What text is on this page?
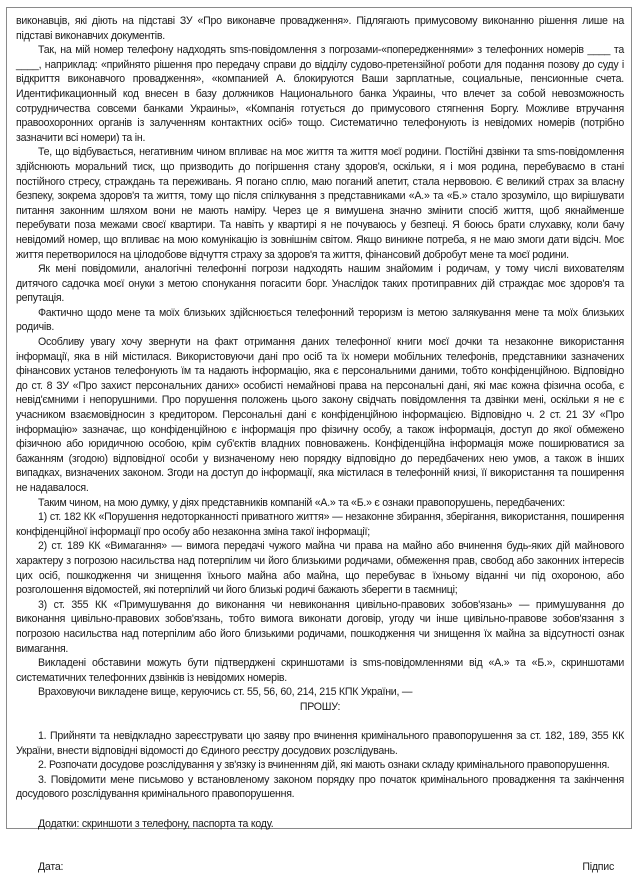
виконавців, які діють на підставі ЗУ «Про виконавче провадження». Підлягають примусовому виконанню рішення лише на підставі виконавчих документів.

Так, на мій номер телефону надходять sms-повідомлення з погрозами-«попередженнями» з телефонних номерів ____ та ____, наприклад: «прийнято рішення про передачу справи до відділу судово-претензійної роботи для подання позову до суду і відкриття виконавчого провадження», «компанией А. блокируются Ваши зарплатные, социальные, пенсионные счета. Идентификационный код внесен в базу должников Национального банка Украины, что влечет за собой невозможность сотрудничества совсеми банками Украины», «Компанія готується до примусового стягнення Боргу. Можливе втручання правоохоронних органів із залученням контактних осіб» тощо. Систематично телефонують із невідомих номерів (потрібно зазначити всі номери) та ін.

Те, що відбувається, негативним чином впливає на моє життя та життя моєї родини. Постійні дзвінки та sms-повідомлення здійснюють моральний тиск, що призводить до погіршення стану здоров'я, оскільки, я і моя родина, перебуваємо в стані постійного стресу, страждань та переживань. Я погано сплю, маю поганий апетит, стала нервовою. Є великий страх за власну безпеку, зокрема здоров'я та життя, тому що після спілкування з представниками «А.» та «Б.» стало зрозуміло, що вирішувати питання законним шляхом вони не мають наміру. Через це я вимушена значно змінити спосіб життя, щоб якнайменше перебувати поза межами своєї квартири. Та навіть у квартирі я не почуваюсь у безпеці. Я боюсь брати слухавку, коли бачу невідомий номер, що впливає на мою комунікацію із зовнішнім світом. Якщо виникне потреба, я не маю змоги дати відсіч. Моє життя перетворилося на цілодобове відчуття страху за здоров'я та життя, фінансовий добробут мене та моєї родини.

Як мені повідомили, аналогічні телефонні погрози надходять нашим знайомим і родичам, у тому числі вихователям дитячого садочка моєї онуки з метою спонукання погасити борг. Унаслідок таких протиправних дій страждає моє здоров'я та репутація.

Фактично щодо мене та моїх близьких здійснюється телефонний тероризм із метою залякування мене та моїх близьких родичів.

Особливу увагу хочу звернути на факт отримання даних телефонної книги моєї дочки та незаконне використання інформації, яка в ній містилася. Використовуючи дані про осіб та їх номери мобільних телефонів, представники зазначених фінансових установ телефонують їм та надають інформацію, яка є персональними даними, тобто конфіденційною. Відповідно до ст. 8 ЗУ «Про захист персональних даних» особисті немайнові права на персональні дані, які має кожна фізична особа, є невід'ємними і непорушними. Про порушення положень цього закону свідчать повідомлення та дзвінки мені, оскільки я не є учасником взаємовідносин з кредитором. Персональні дані є конфіденційною інформацією. Відповідно ч. 2 ст. 21 ЗУ «Про інформацію» зазначає, що конфіденційною є інформація про фізичну особу, а також інформація, доступ до якої обмежено фізичною або юридичною особою, крім суб'єктів владних повноважень. Конфіденційна інформація може поширюватися за бажанням (згодою) відповідної особи у визначеному нею порядку відповідно до передбачених нею умов, а також в інших випадках, визначених законом. Згоди на доступ до інформації, яка містилася в телефонній книзі, її використання та поширення не надавалося.

Таким чином, на мою думку, у діях представників компаній «А.» та «Б.» є ознаки правопорушень, передбачених:

1) ст. 182 КК «Порушення недоторканності приватного життя» — незаконне збирання, зберігання, використання, поширення конфіденційної інформації про особу або незаконна зміна такої інформації;

2) ст. 189 КК «Вимагання» — вимога передачі чужого майна чи права на майно або вчинення будь-яких дій майнового характеру з погрозою насильства над потерпілим чи його близькими родичами, обмеження прав, свобод або законних інтересів цих осіб, пошкодження чи знищення їхнього майна або майна, що перебуває в їхньому віданні чи під охороною, або розголошення відомостей, які потерпілий чи його близькі родичі бажають зберегти в таємниці;

3) ст. 355 КК «Примушування до виконання чи невиконання цивільно-правових зобов'язань» — примушування до виконання цивільно-правових зобов'язань, тобто вимога виконати договір, угоду чи інше цивільно-правове зобов'язання з погрозою насильства над потерпілим або його близькими родичами, пошкодження чи знищення їх майна за відсутності ознак вимагання.

Викладені обставини можуть бути підтверджені скриншотами із sms-повідомленнями від «А.» та «Б.», скриншотами систематичних телефонних дзвінків із невідомих номерів.

Враховуючи викладене вище, керуючись ст. 55, 56, 60, 214, 215 КПК України, —

ПРОШУ:

1. Прийняти та невідкладно зареєструвати цю заяву про вчинення кримінального правопорушення за ст. 182, 189, 355 КК України, внести відповідні відомості до Єдиного реєстру досудових розслідувань.

2. Розпочати досудове розслідування у зв'язку із вчиненням дій, які мають ознаки складу кримінального правопорушення.

3. Повідомити мене письмово у встановленому законом порядку про початок кримінального провадження та закінчення досудового розслідування кримінального правопорушення.

Додатки: скриншоти з телефону, паспорта та коду.

Дата:	Підпис
